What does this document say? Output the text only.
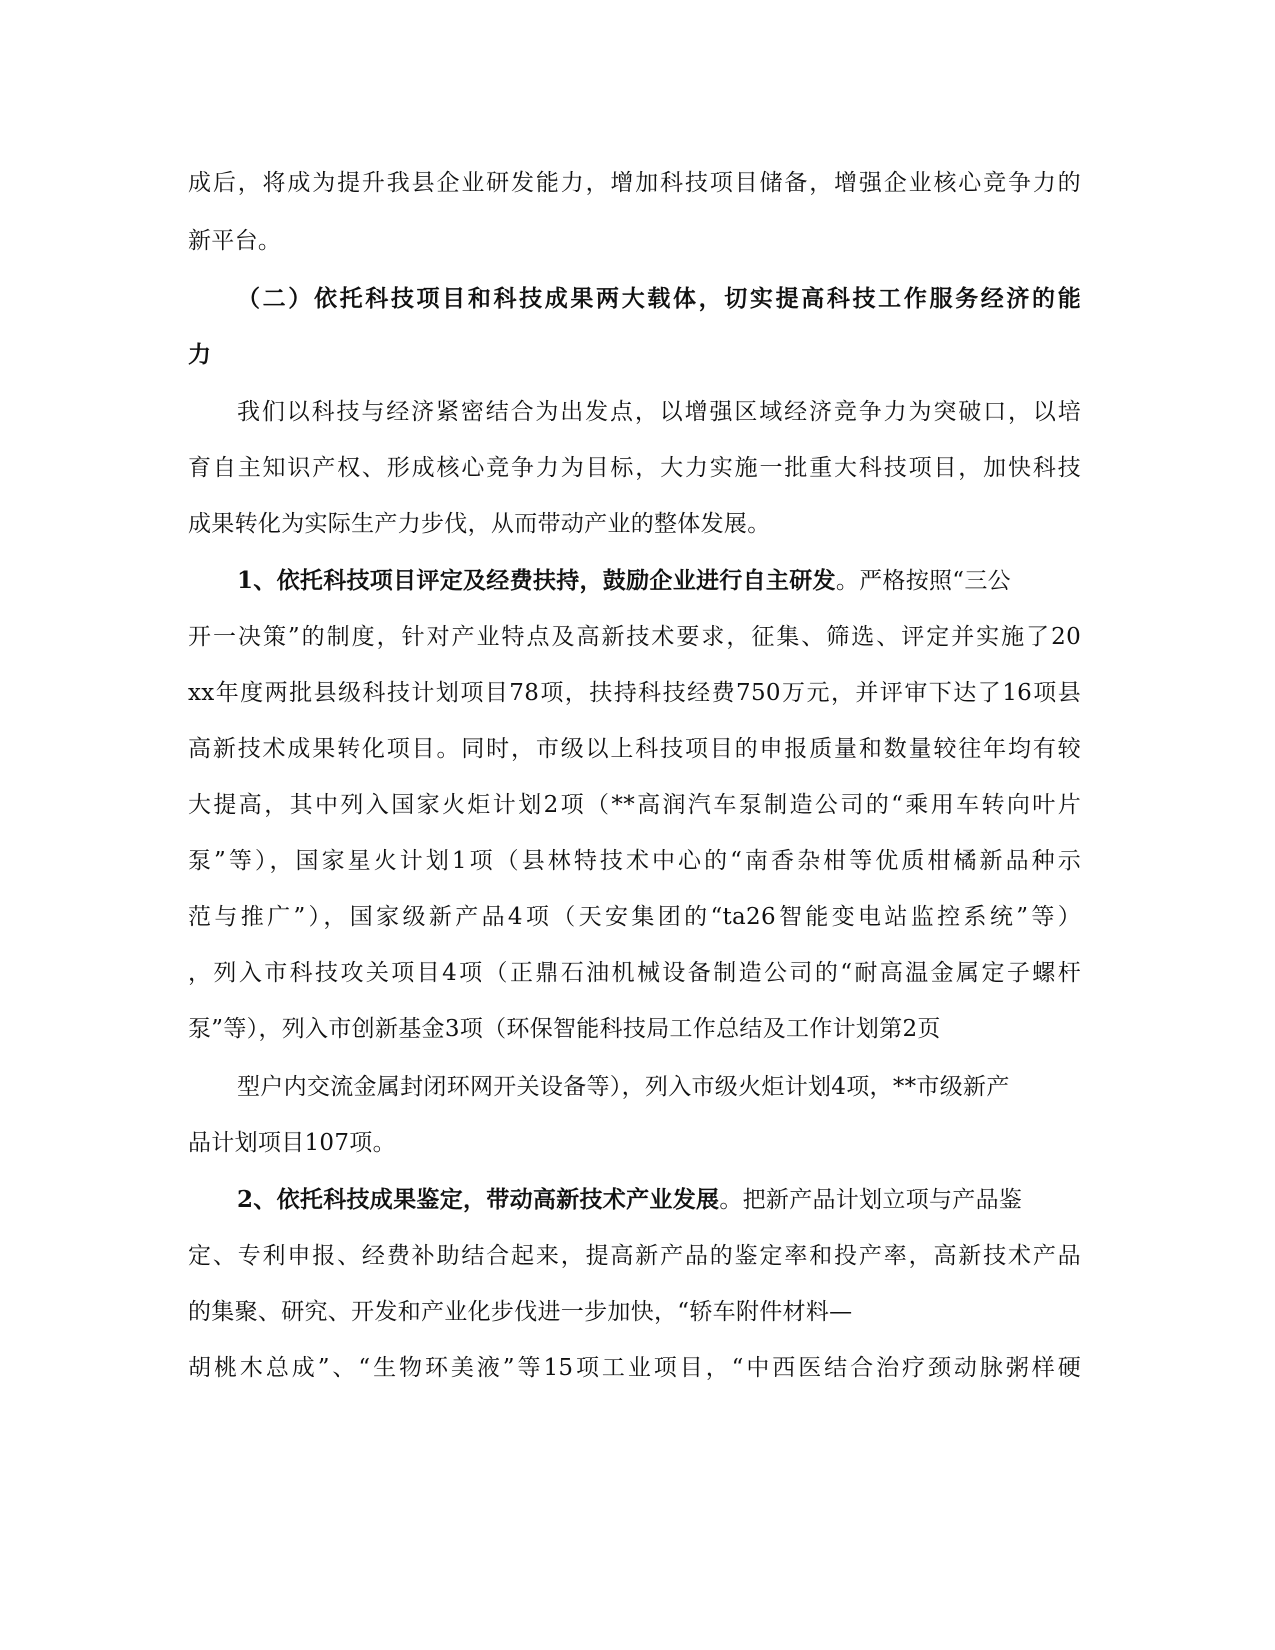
成后，将成为提升我县企业研发能力，增加科技项目储备，增强企业核心竞争力的
新平台。
（二）依托科技项目和科技成果两大载体，切实提高科技工作服务经济的能
力
我们以科技与经济紧密结合为出发点，以增强区域经济竞争力为突破口，以培
育自主知识产权、形成核心竞争力为目标，大力实施一批重大科技项目，加快科技
成果转化为实际生产力步伐，从而带动产业的整体发展。
1、依托科技项目评定及经费扶持，鼓励企业进行自主研发。严格按照“三公
开一决策”的制度，针对产业特点及高新技术要求，征集、筛选、评定并实施了20
xx年度两批县级科技计划项目78项，扶持科技经费750万元，并评审下达了16项县
高新技术成果转化项目。同时，市级以上科技项目的申报质量和数量较往年均有较
大提高，其中列入国家火炬计划2项（**高润汽车泵制造公司的“乘用车转向叶片
泵”等），国家星火计划1项（县林特技术中心的“南香杂柑等优质柑橘新品种示
范与推广”），国家级新产品4项（天安集团的“ta26智能变电站监控系统”等）
，列入市科技攻关项目4项（正鼎石油机械设备制造公司的“耐高温金属定子螺杆
泵”等），列入市创新基金3项（环保智能科技局工作总结及工作计划第2页
型户内交流金属封闭环网开关设备等），列入市级火炬计划4项，**市级新产
品计划项目107项。
2、依托科技成果鉴定，带动高新技术产业发展。把新产品计划立项与产品鉴
定、专利申报、经费补助结合起来，提高新产品的鉴定率和投产率，高新技术产品
的集聚、研究、开发和产业化步伐进一步加快，“轿车附件材料—
胡桃木总成”、“生物环美液”等15项工业项目，“中西医结合治疗颈动脉粥样硬
